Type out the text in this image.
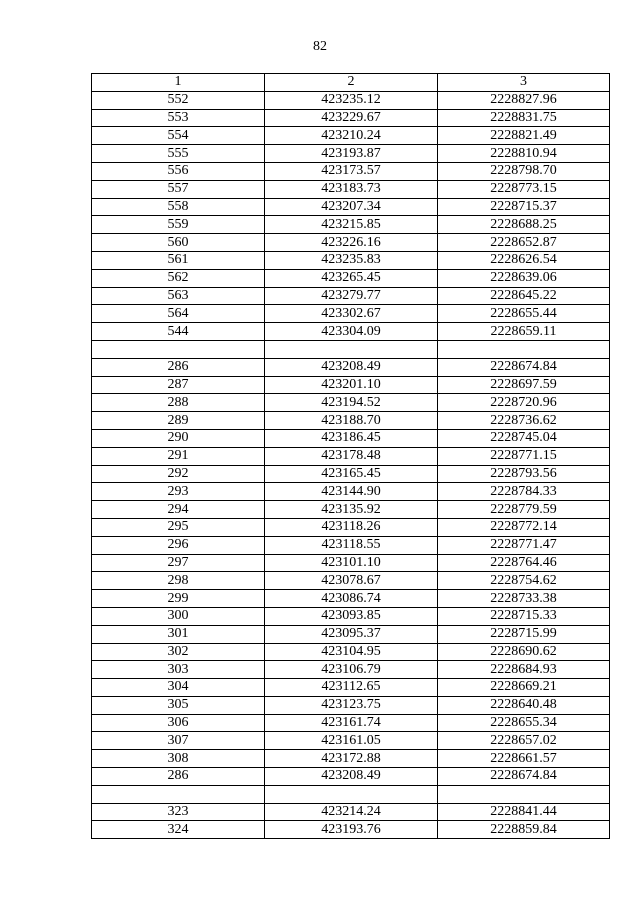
82
1	2	3
552	423235.12	2228827.96
553	423229.67	2228831.75
554	423210.24	2228821.49
555	423193.87	2228810.94
556	423173.57	2228798.70
557	423183.73	2228773.15
558	423207.34	2228715.37
559	423215.85	2228688.25
560	423226.16	2228652.87
561	423235.83	2228626.54
562	423265.45	2228639.06
563	423279.77	2228645.22
564	423302.67	2228655.44
544	423304.09	2228659.11

286	423208.49	2228674.84
287	423201.10	2228697.59
288	423194.52	2228720.96
289	423188.70	2228736.62
290	423186.45	2228745.04
291	423178.48	2228771.15
292	423165.45	2228793.56
293	423144.90	2228784.33
294	423135.92	2228779.59
295	423118.26	2228772.14
296	423118.55	2228771.47
297	423101.10	2228764.46
298	423078.67	2228754.62
299	423086.74	2228733.38
300	423093.85	2228715.33
301	423095.37	2228715.99
302	423104.95	2228690.62
303	423106.79	2228684.93
304	423112.65	2228669.21
305	423123.75	2228640.48
306	423161.74	2228655.34
307	423161.05	2228657.02
308	423172.88	2228661.57
286	423208.49	2228674.84

323	423214.24	2228841.44
324	423193.76	2228859.84
